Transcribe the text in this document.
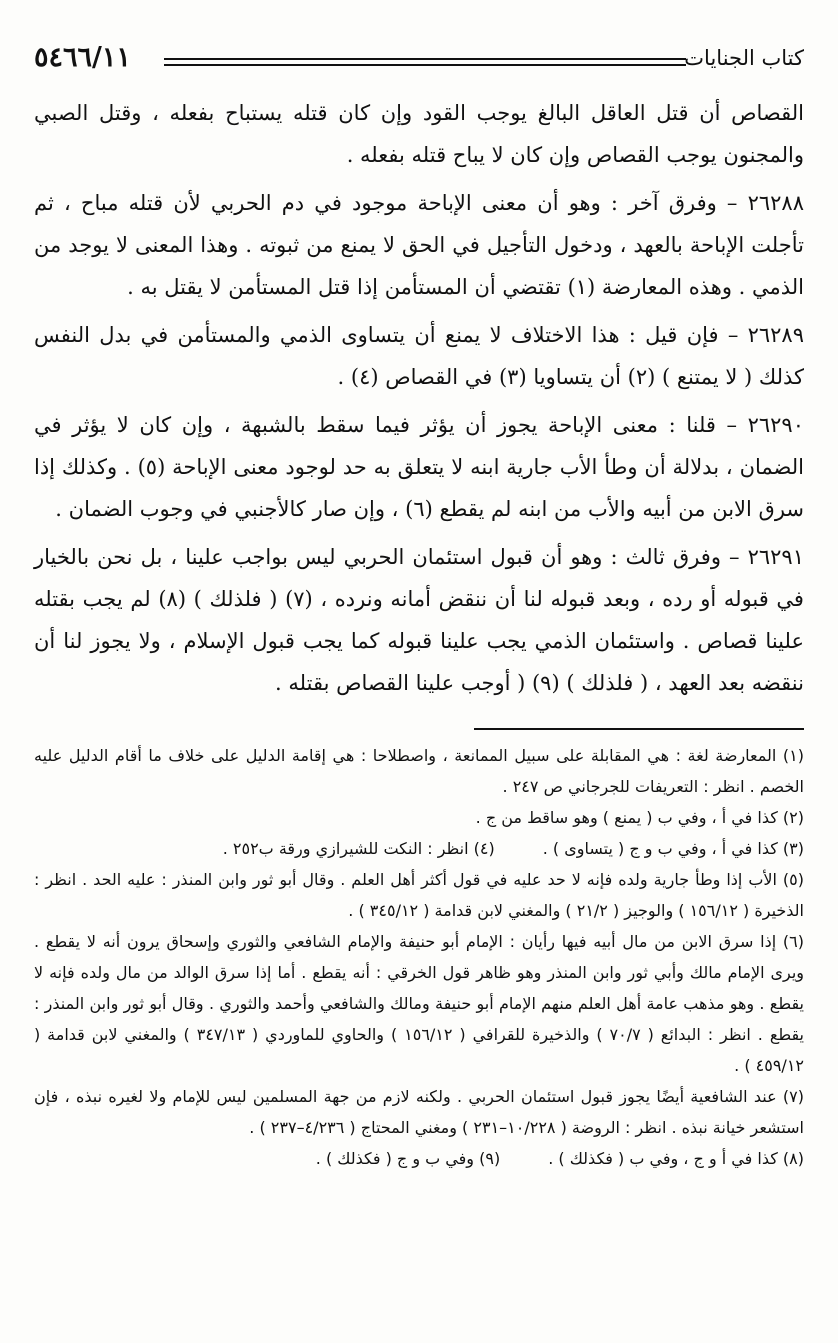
كتاب الجنايات
٥٤٦٦/١١

القصاص أن قتل العاقل البالغ يوجب القود وإن كان قتله يستباح بفعله ، وقتل الصبي والمجنون يوجب القصاص وإن كان لا يباح قتله بفعله .

٢٦٢٨٨ – وفرق آخر : وهو أن معنى الإباحة موجود في دم الحربي لأن قتله مباح ، ثم تأجلت الإباحة بالعهد ، ودخول التأجيل في الحق لا يمنع من ثبوته . وهذا المعنى لا يوجد من الذمي . وهذه المعارضة (١) تقتضي أن المستأمن إذا قتل المستأمن لا يقتل به .

٢٦٢٨٩ – فإن قيل : هذا الاختلاف لا يمنع أن يتساوى الذمي والمستأمن في بدل النفس كذلك ( لا يمتنع ) (٢) أن يتساويا (٣) في القصاص (٤) .

٢٦٢٩٠ – قلنا : معنى الإباحة يجوز أن يؤثر فيما سقط بالشبهة ، وإن كان لا يؤثر في الضمان ، بدلالة أن وطأ الأب جارية ابنه لا يتعلق به حد لوجود معنى الإباحة (٥) . وكذلك إذا سرق الابن من أبيه والأب من ابنه لم يقطع (٦) ، وإن صار كالأجنبي في وجوب الضمان .

٢٦٢٩١ – وفرق ثالث : وهو أن قبول استئمان الحربي ليس بواجب علينا ، بل نحن بالخيار في قبوله أو رده ، وبعد قبوله لنا أن ننقض أمانه ونرده ، (٧) ( فلذلك ) (٨) لم يجب بقتله علينا قصاص . واستئمان الذمي يجب علينا قبوله كما يجب قبول الإسلام ، ولا يجوز لنا أن ننقضه بعد العهد ، ( فلذلك ) (٩) ( أوجب علينا القصاص بقتله .

(١) المعارضة لغة : هي المقابلة على سبيل الممانعة ، واصطلاحا : هي إقامة الدليل على خلاف ما أقام الدليل عليه الخصم . انظر : التعريفات للجرجاني ص ٢٤٧ .

(٢) كذا في أ ، وفي ب ( يمنع ) وهو ساقط من ج .

(٣) كذا في أ ، وفي ب و ج ( يتساوى ) .
(٤) انظر : النكت للشيرازي ورقة ب٢٥٢ .

(٥) الأب إذا وطأ جارية ولده فإنه لا حد عليه في قول أكثر أهل العلم . وقال أبو ثور وابن المنذر : عليه الحد . انظر : الذخيرة ( ١٥٦/١٢ ) والوجيز ( ٢١/٢ ) والمغني لابن قدامة ( ٣٤٥/١٢ ) .

(٦) إذا سرق الابن من مال أبيه فيها رأيان : الإمام أبو حنيفة والإمام الشافعي والثوري وإسحاق يرون أنه لا يقطع . ويرى الإمام مالك وأبي ثور وابن المنذر وهو ظاهر قول الخرقي : أنه يقطع . أما إذا سرق الوالد من مال ولده فإنه لا يقطع . وهو مذهب عامة أهل العلم منهم الإمام أبو حنيفة ومالك والشافعي وأحمد والثوري . وقال أبو ثور وابن المنذر : يقطع . انظر : البدائع ( ٧٠/٧ ) والذخيرة للقرافي ( ١٥٦/١٢ ) والحاوي للماوردي ( ٣٤٧/١٣ ) والمغني لابن قدامة ( ٤٥٩/١٢ ) .

(٧) عند الشافعية أيضًا يجوز قبول استئمان الحربي . ولكنه لازم من جهة المسلمين ليس للإمام ولا لغيره نبذه ، فإن استشعر خيانة نبذه . انظر : الروضة ( ١٠/٢٢٨–٢٣١ ) ومغني المحتاج ( ٤/٢٣٦–٢٣٧ ) .

(٨) كذا في أ و ج ، وفي ب ( فكذلك ) .
(٩) وفي ب و ج ( فكذلك ) .
